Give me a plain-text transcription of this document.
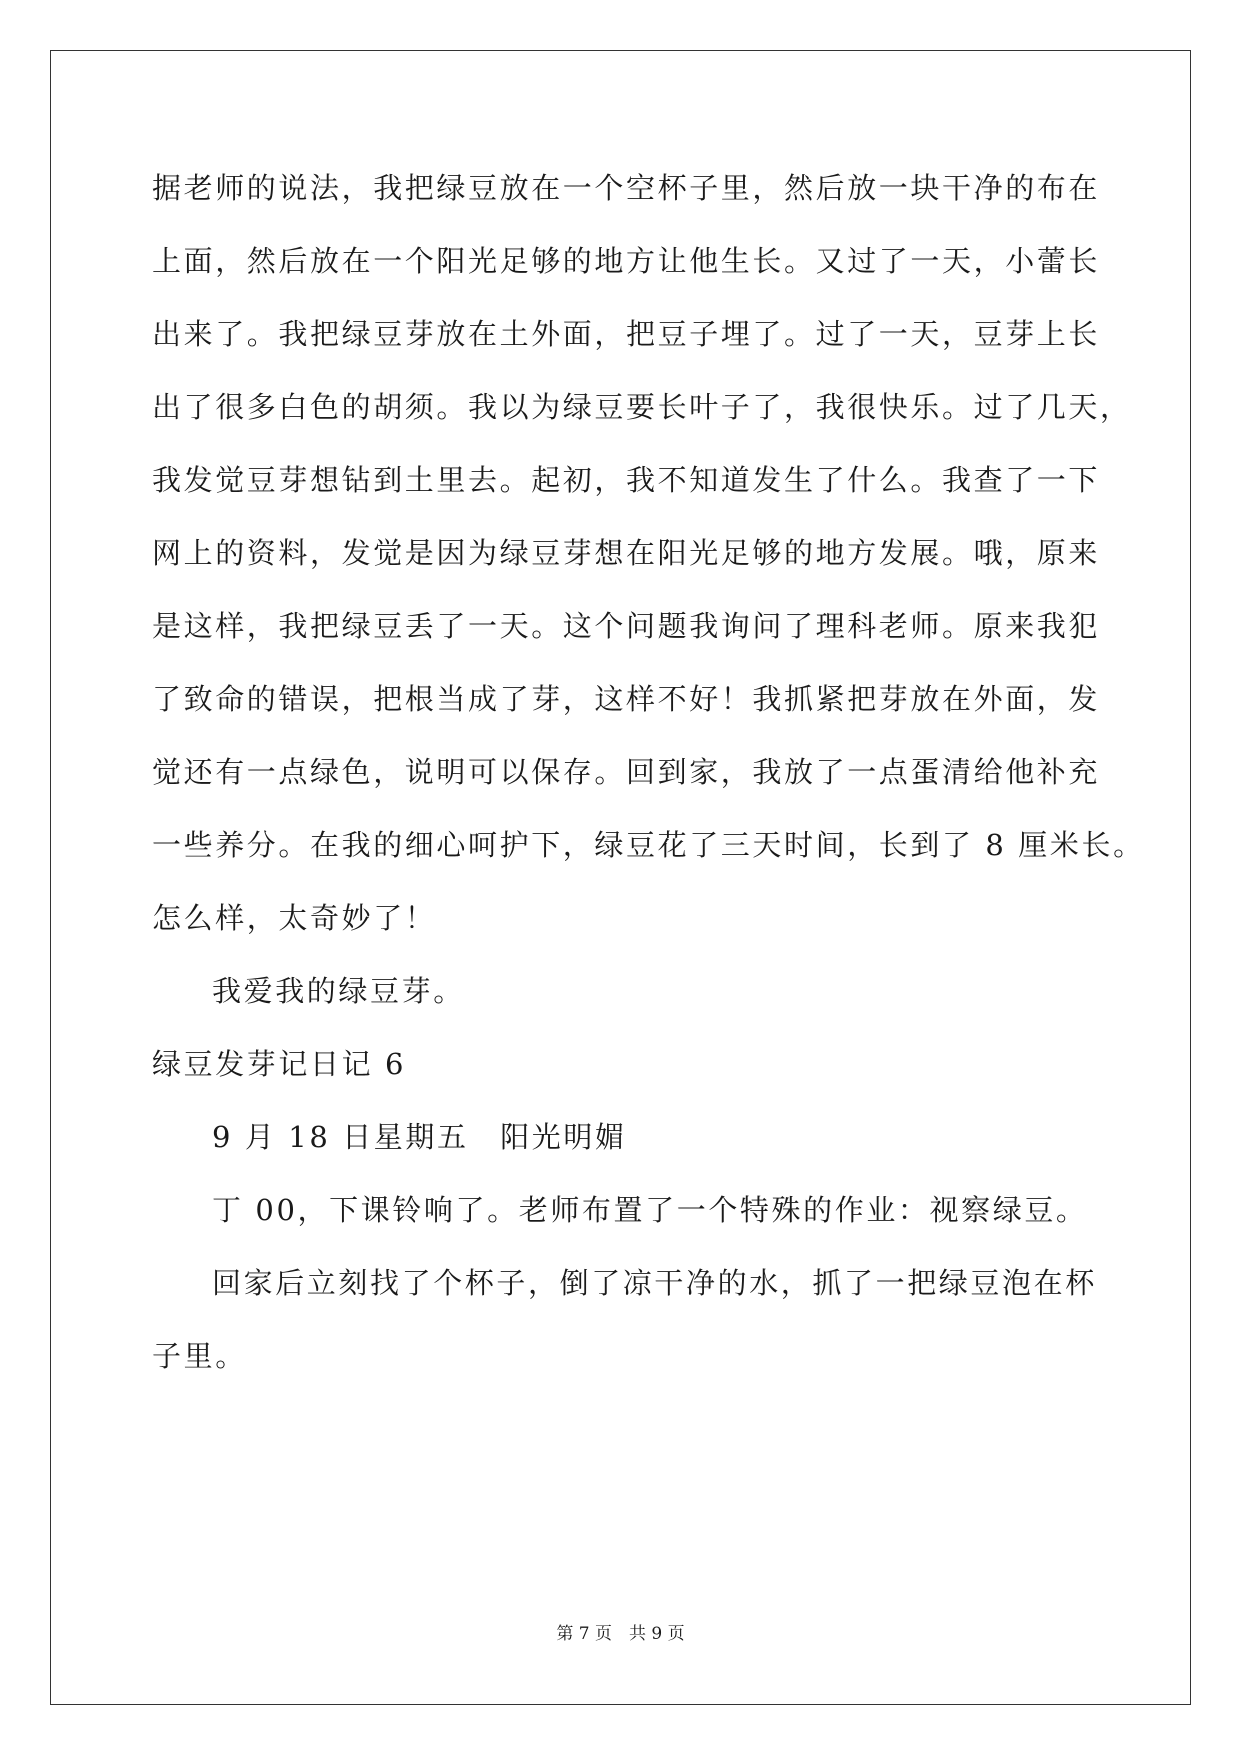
据老师的说法，我把绿豆放在一个空杯子里，然后放一块干净的布在
上面，然后放在一个阳光足够的地方让他生长。又过了一天，小蕾长
出来了。我把绿豆芽放在土外面，把豆子埋了。过了一天，豆芽上长
出了很多白色的胡须。我以为绿豆要长叶子了，我很快乐。过了几天，
我发觉豆芽想钻到土里去。起初，我不知道发生了什么。我查了一下
网上的资料，发觉是因为绿豆芽想在阳光足够的地方发展。哦，原来
是这样，我把绿豆丢了一天。这个问题我询问了理科老师。原来我犯
了致命的错误，把根当成了芽，这样不好！我抓紧把芽放在外面，发
觉还有一点绿色，说明可以保存。回到家，我放了一点蛋清给他补充
一些养分。在我的细心呵护下，绿豆花了三天时间，长到了 8 厘米长。
怎么样，太奇妙了！
我爱我的绿豆芽。
绿豆发芽记日记 6
9 月 18 日星期五　阳光明媚
丁 00，下课铃响了。老师布置了一个特殊的作业：视察绿豆。
回家后立刻找了个杯子，倒了凉干净的水，抓了一把绿豆泡在杯
子里。
第 7 页　共 9 页
